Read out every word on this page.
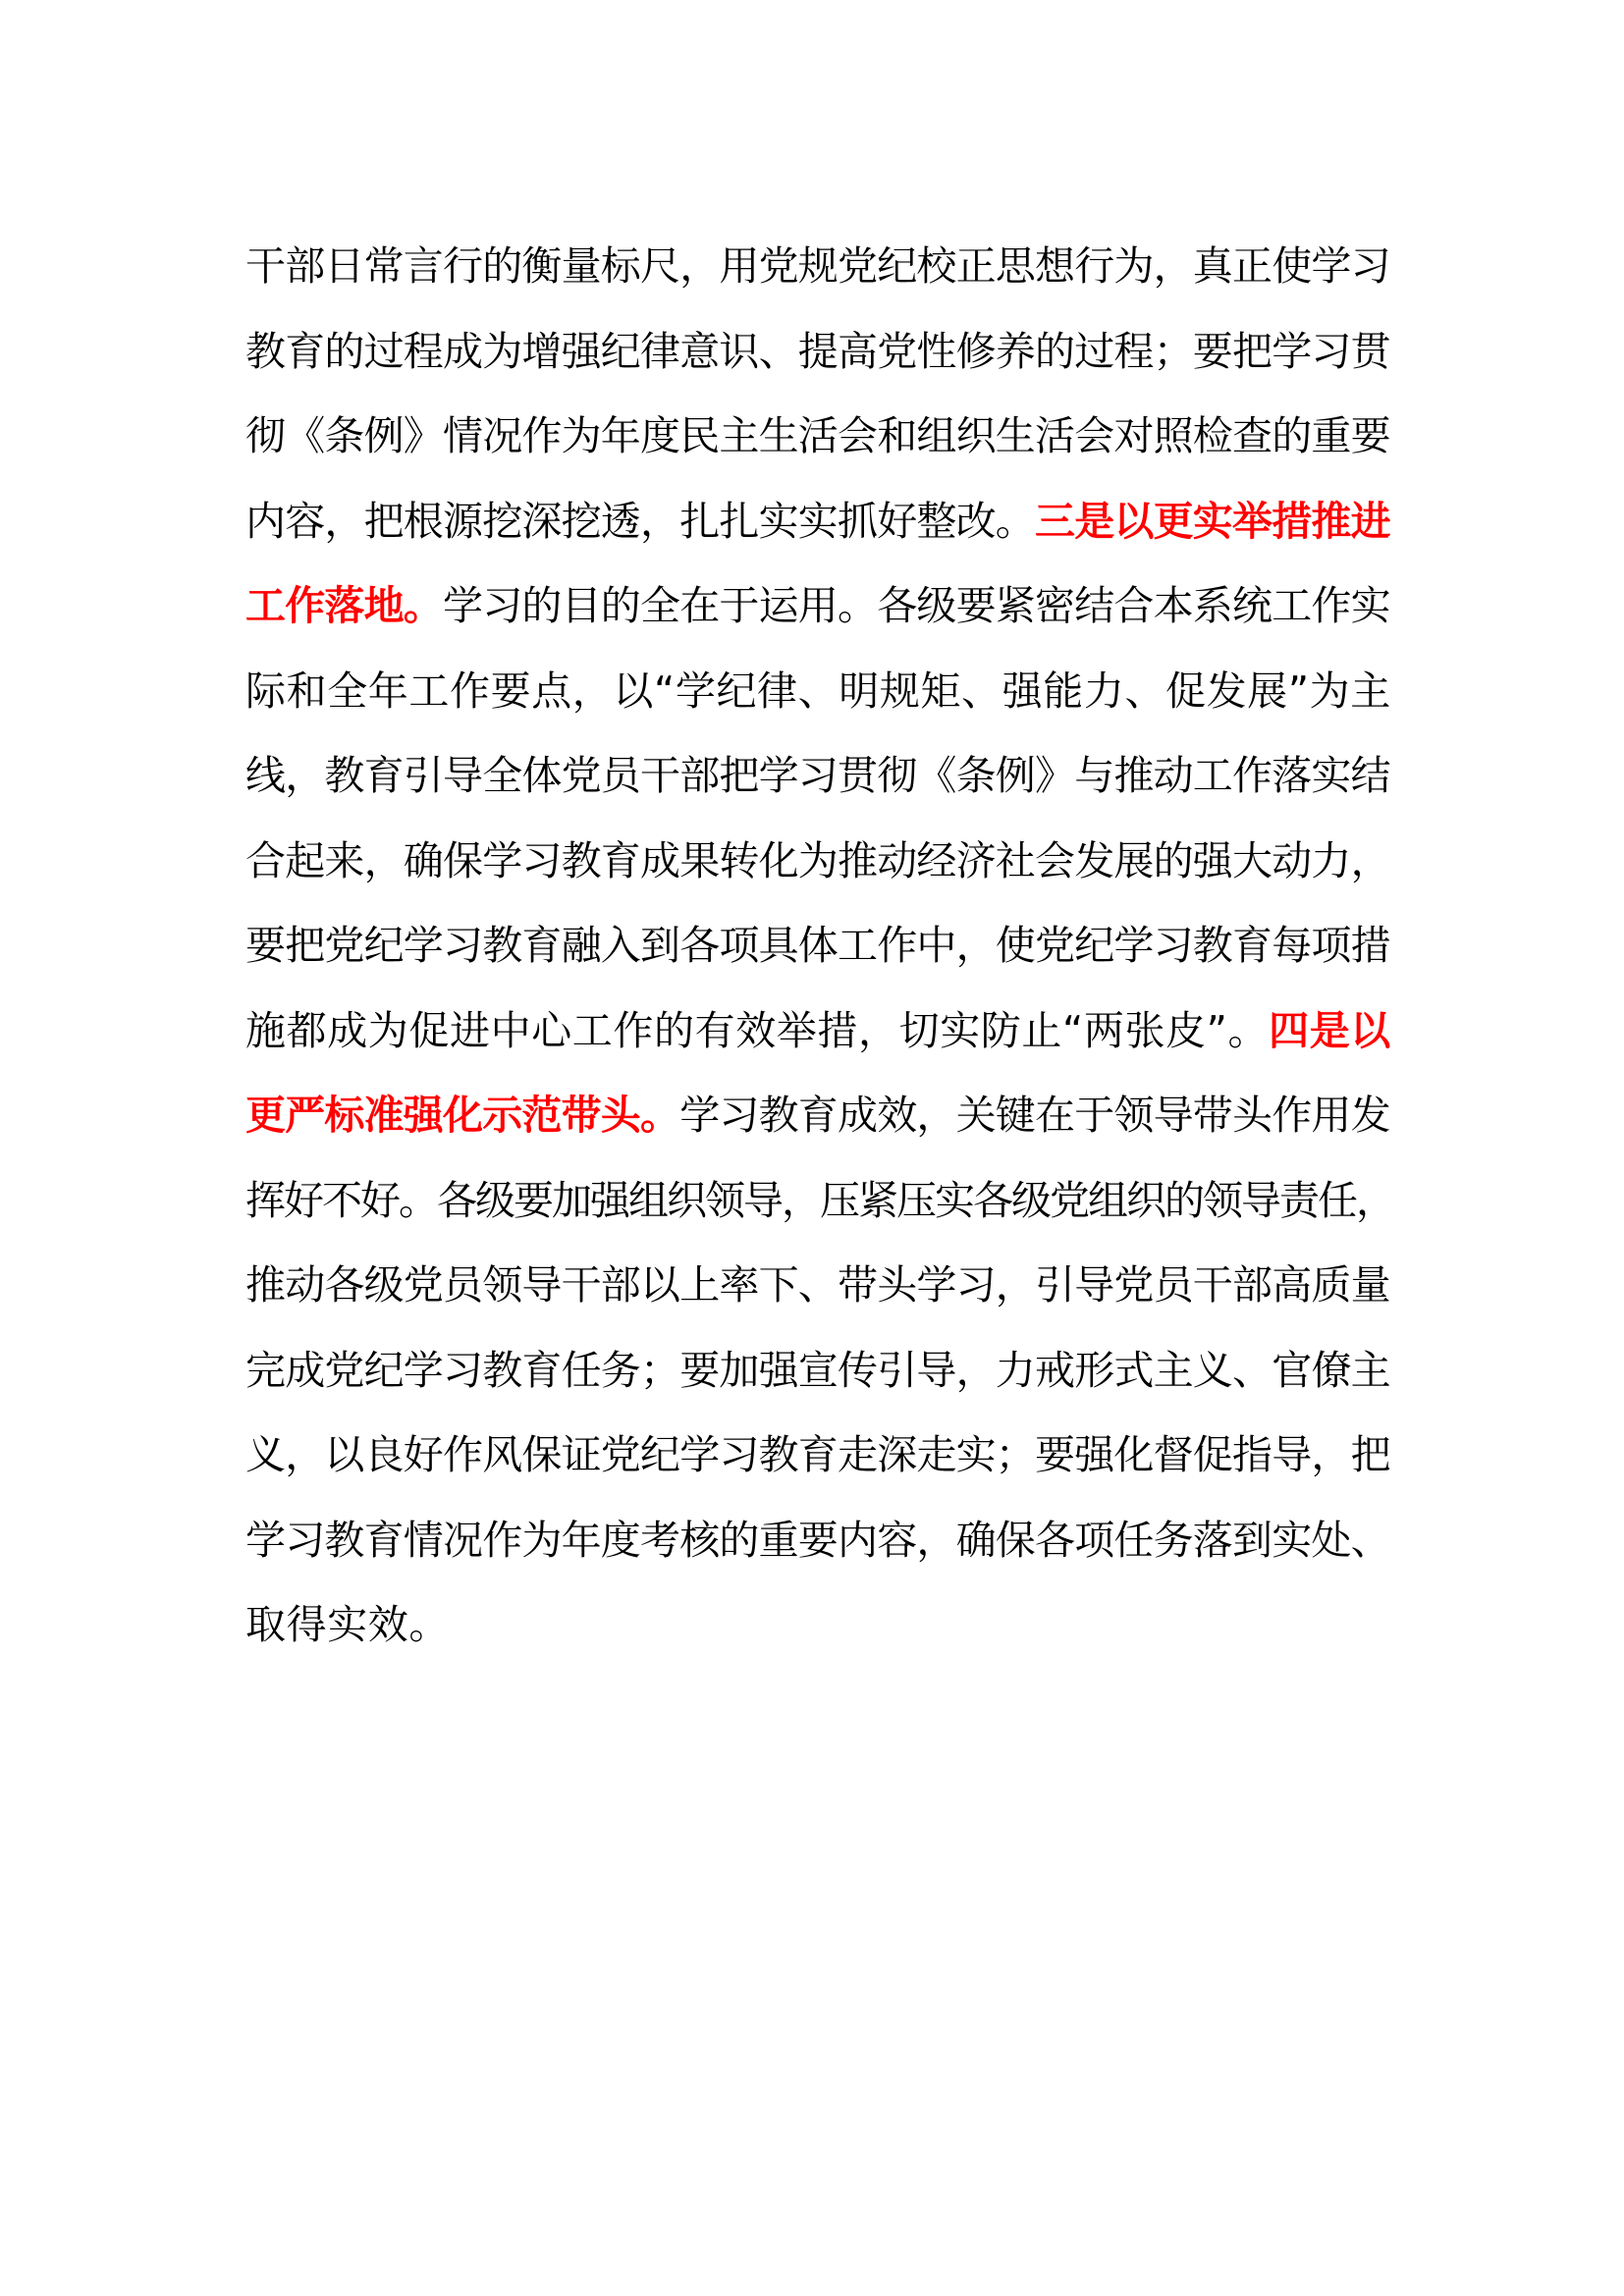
干部日常言行的衡量标尺，用党规党纪校正思想行为，真正使学习
教育的过程成为增强纪律意识、提高党性修养的过程；要把学习贯
彻《条例》情况作为年度民主生活会和组织生活会对照检查的重要
内容，把根源挖深挖透，扎扎实实抓好整改。三是以更实举措推进
工作落地。学习的目的全在于运用。各级要紧密结合本系统工作实
际和全年工作要点，以“学纪律、明规矩、强能力、促发展”为主
线，教育引导全体党员干部把学习贯彻《条例》与推动工作落实结
合起来，确保学习教育成果转化为推动经济社会发展的强大动力，
要把党纪学习教育融入到各项具体工作中，使党纪学习教育每项措
施都成为促进中心工作的有效举措，切实防止“两张皮”。四是以
更严标准强化示范带头。学习教育成效，关键在于领导带头作用发
挥好不好。各级要加强组织领导，压紧压实各级党组织的领导责任，
推动各级党员领导干部以上率下、带头学习，引导党员干部高质量
完成党纪学习教育任务；要加强宣传引导，力戒形式主义、官僚主
义，以良好作风保证党纪学习教育走深走实；要强化督促指导，把
学习教育情况作为年度考核的重要内容，确保各项任务落到实处、
取得实效。
